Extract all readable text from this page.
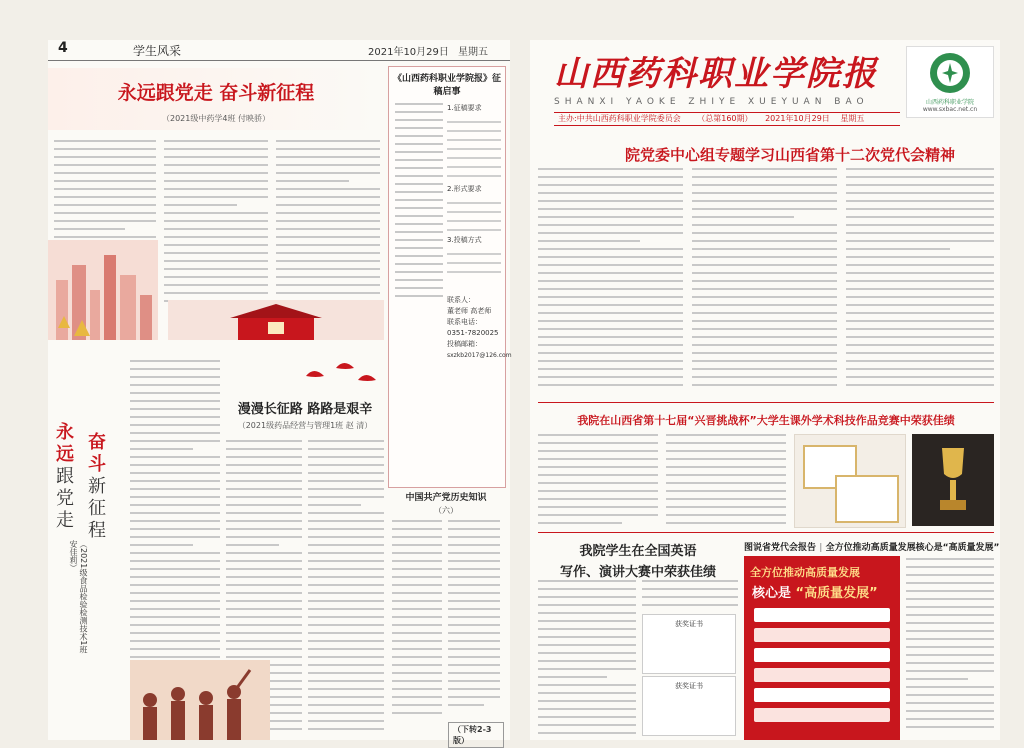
4	学生风采	2021年10月29日 星期五
永远跟党走 奋斗新征程
（2021级中药学4班 付映骄）
《山西药科职业学院报》征稿启事
1.征稿要求
2.形式要求
3.投稿方式
联系人：
董老师 高老师
联系电话：
0351-7820025
投稿邮箱：
sxzkb2017@126.com
中国共产党历史知识
（六）
（下转2-3版）
永
远
跟
党
走
奋
斗
新
征
程
（2021级食品检验检测技术1班 安佳莉）
漫漫长征路 路路是艰辛
（2021级药品经营与管理1班 赵 清）
山西药科职业学院报
SHANXI YAOKE ZHIYE XUEYUAN BAO	山西药科职业学院
www.sxbac.net.cn
主办:中共山西药科职业学院委员会 （总第160期） 2021年10月29日 星期五
院党委中心组专题学习山西省第十二次党代会精神
我院在山西省第十七届“兴晋挑战杯”大学生课外学术科技作品竞赛中荣获佳绩
我院学生在全国英语
写作、演讲大赛中荣获佳绩
获奖证书
获奖证书
图说省党代会报告 | 全方位推动高质量发展核心是“高质量发展”
全方位推动高质量发展
核心是 “高质量发展”
